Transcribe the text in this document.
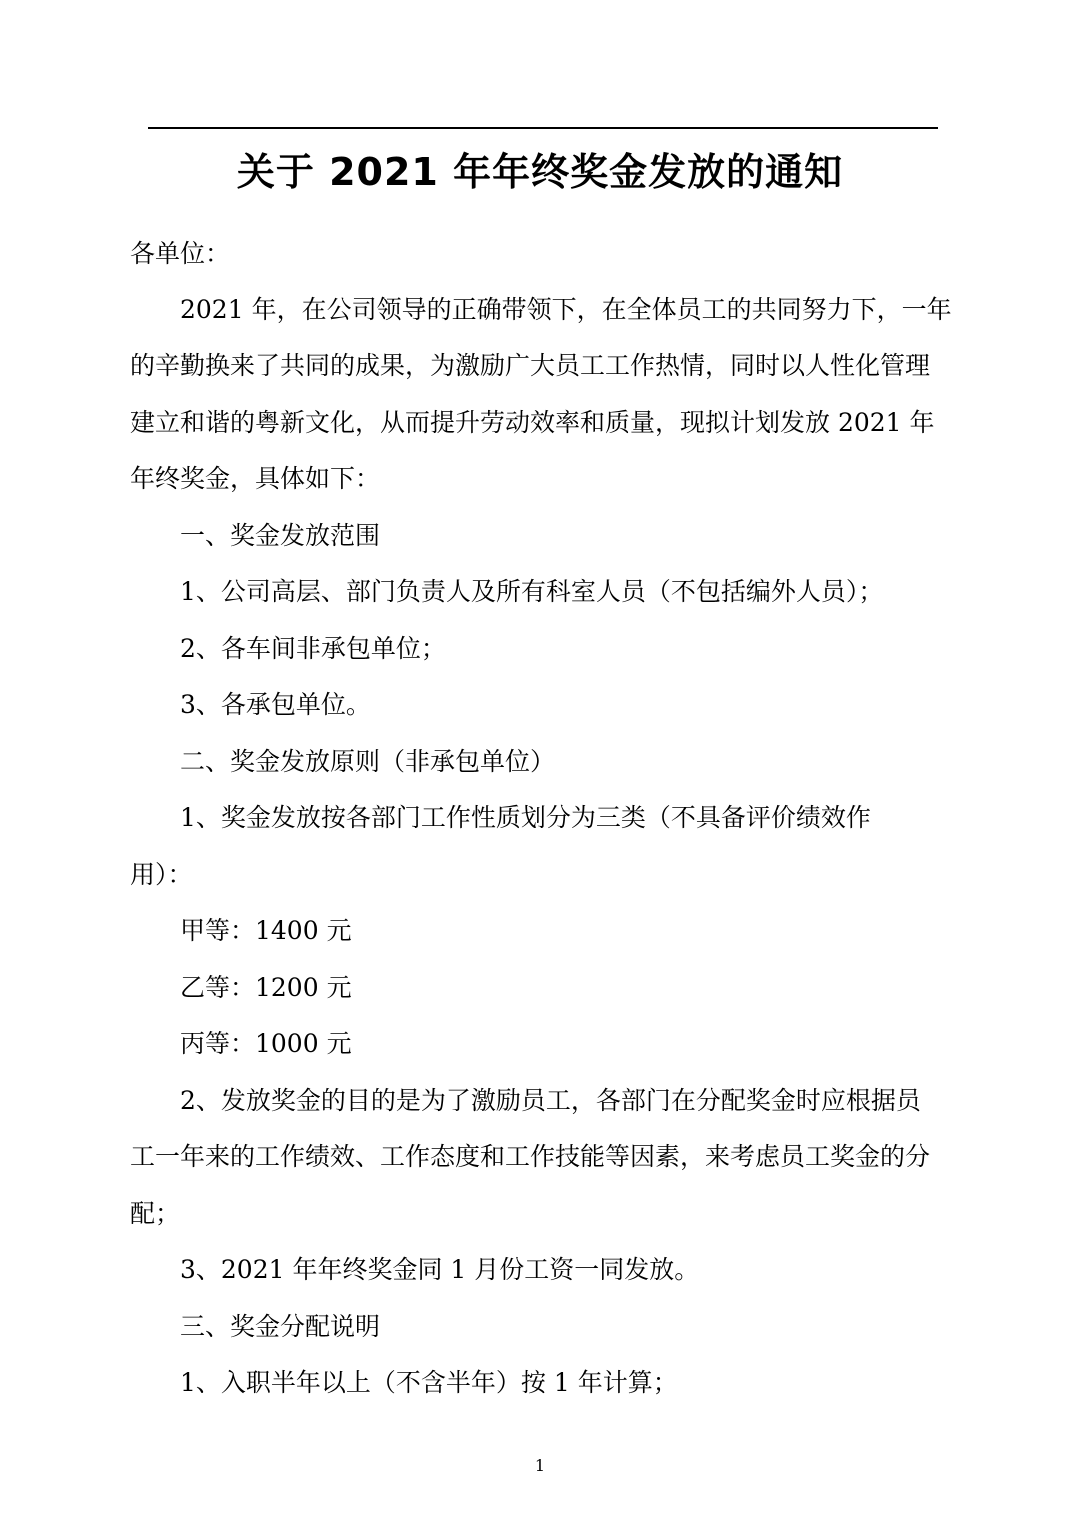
关于 2021 年年终奖金发放的通知
各单位：
2021 年，在公司领导的正确带领下，在全体员工的共同努力下，一年
的辛勤换来了共同的成果，为激励广大员工工作热情，同时以人性化管理
建立和谐的粤新文化，从而提升劳动效率和质量，现拟计划发放 2021 年
年终奖金，具体如下：
一、奖金发放范围
1、公司高层、部门负责人及所有科室人员（不包括编外人员）；
2、各车间非承包单位；
3、各承包单位。
二、奖金发放原则（非承包单位）
1、奖金发放按各部门工作性质划分为三类（不具备评价绩效作
用）：
甲等：1400 元
乙等：1200 元
丙等：1000 元
2、发放奖金的目的是为了激励员工，各部门在分配奖金时应根据员
工一年来的工作绩效、工作态度和工作技能等因素，来考虑员工奖金的分
配；
3、2021 年年终奖金同 1 月份工资一同发放。
三、奖金分配说明
1、入职半年以上（不含半年）按 1 年计算；
1
